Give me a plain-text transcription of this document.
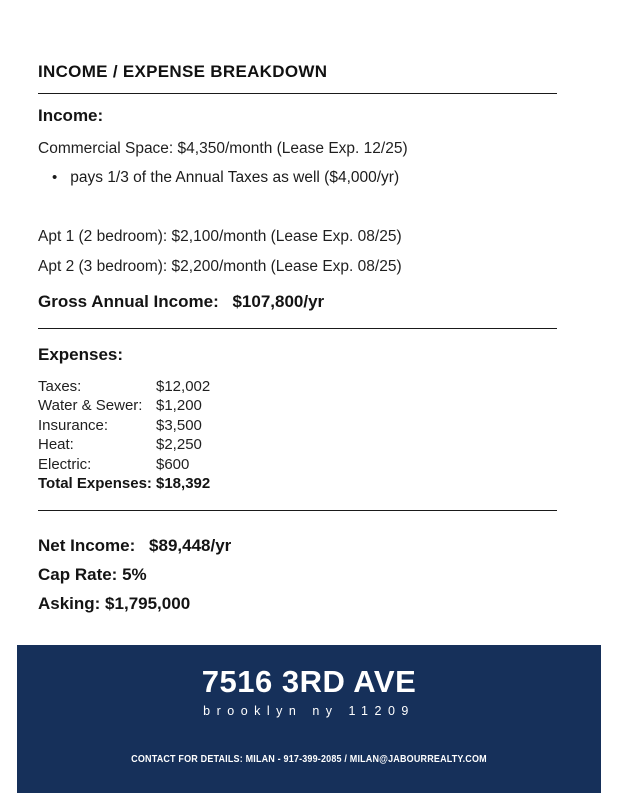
INCOME / EXPENSE BREAKDOWN
Income:
Commercial Space: $4,350/month (Lease Exp. 12/25)
• pays 1/3 of the Annual Taxes as well ($4,000/yr)
Apt 1 (2 bedroom): $2,100/month (Lease Exp. 08/25)
Apt 2 (3 bedroom): $2,200/month (Lease Exp. 08/25)
Gross Annual Income: $107,800/yr
Expenses:
Taxes:	$12,002
Water & Sewer: $1,200
Insurance:	$3,500
Heat:	$2,250
Electric:	$600
Total Expenses: $18,392
Net Income: $89,448/yr
Cap Rate: 5%
Asking: $1,795,000
7516 3RD AVE
brooklyn ny 11209
CONTACT FOR DETAILS: MILAN - 917-399-2085 / MILAN@JABOURREALTY.COM
